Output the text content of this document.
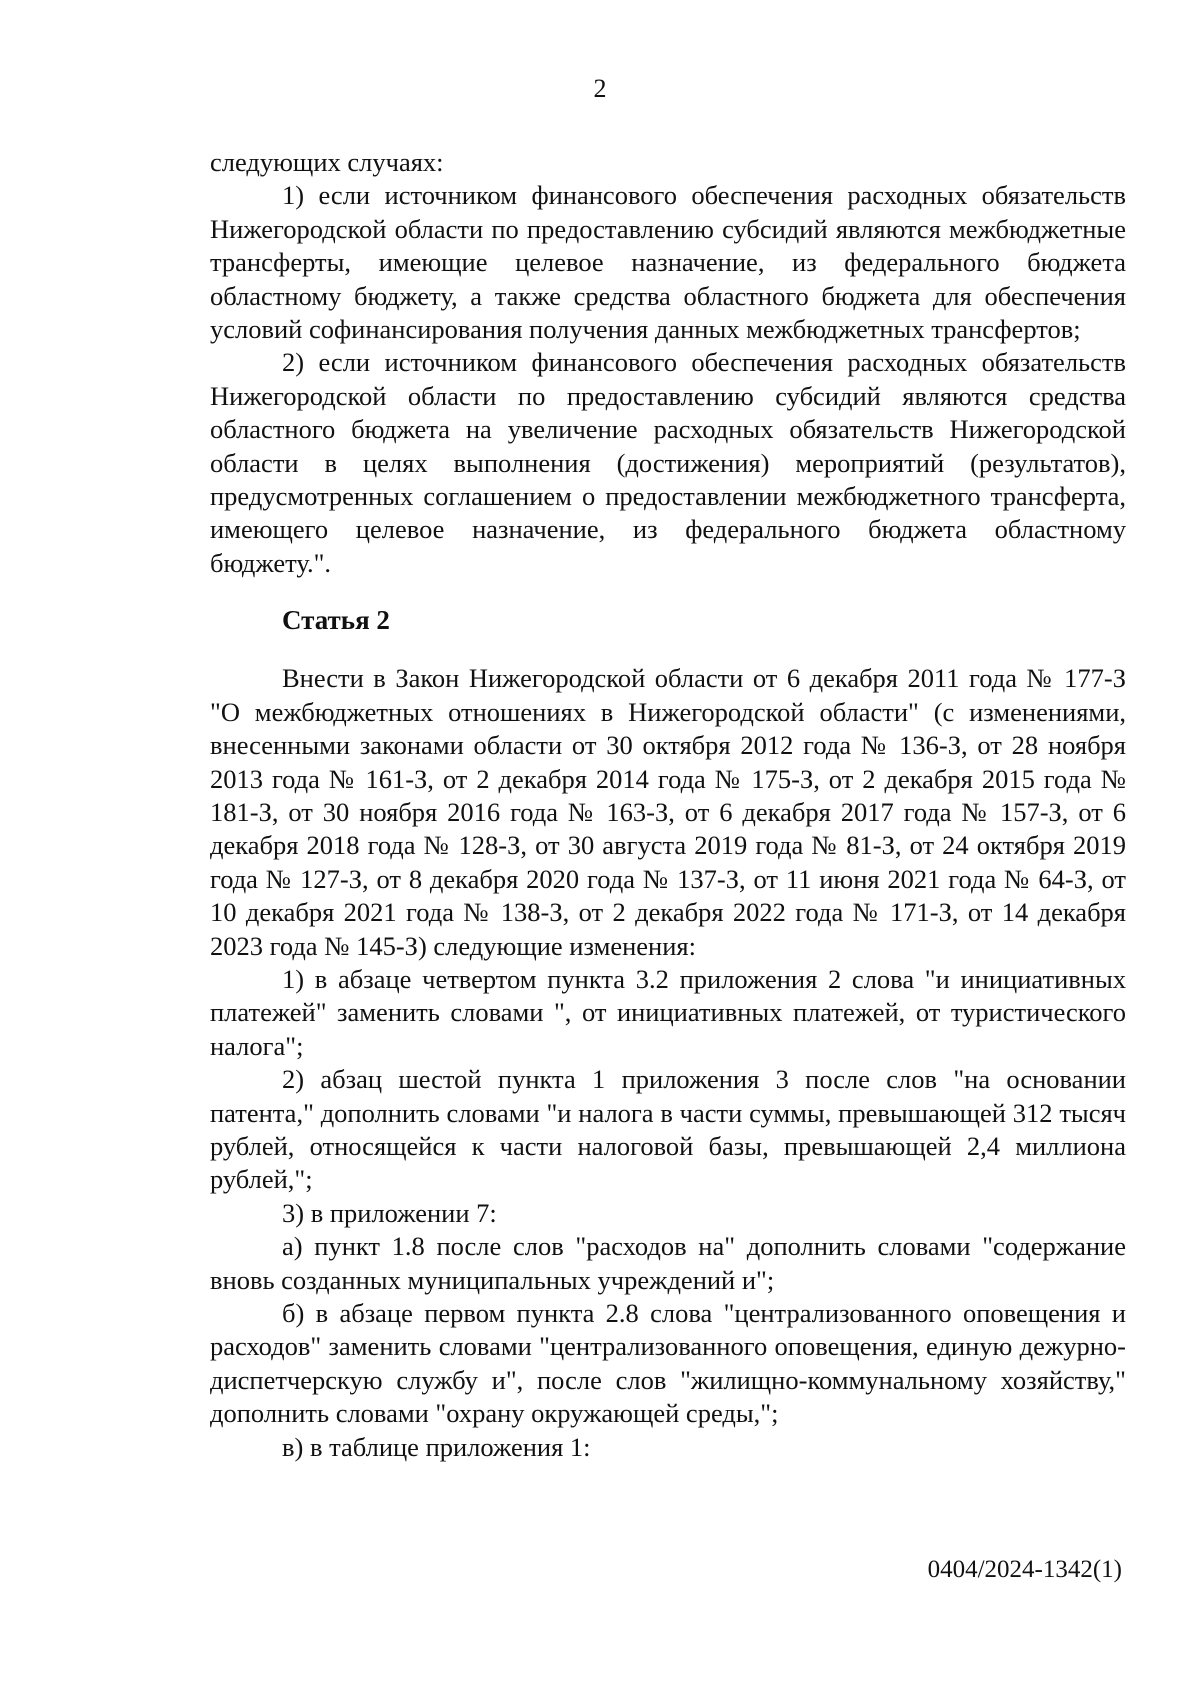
2

следующих случаях:

1) если источником финансового обеспечения расходных обязательств Нижегородской области по предоставлению субсидий являются межбюджетные трансферты, имеющие целевое назначение, из федерального бюджета областному бюджету, а также средства областного бюджета для обеспечения условий софинансирования получения данных межбюджетных трансфертов;

2) если источником финансового обеспечения расходных обязательств Нижегородской области по предоставлению субсидий являются средства областного бюджета на увеличение расходных обязательств Нижегородской области в целях выполнения (достижения) мероприятий (результатов), предусмотренных соглашением о предоставлении межбюджетного трансферта, имеющего целевое назначение, из федерального бюджета областному бюджету.".

Статья 2

Внести в Закон Нижегородской области от 6 декабря 2011 года № 177-З "О межбюджетных отношениях в Нижегородской области" (с изменениями, внесенными законами области от 30 октября 2012 года № 136-З, от 28 ноября 2013 года № 161-З, от 2 декабря 2014 года № 175-З, от 2 декабря 2015 года № 181-З, от 30 ноября 2016 года № 163-З, от 6 декабря 2017 года № 157-З, от 6 декабря 2018 года № 128-З, от 30 августа 2019 года № 81-З, от 24 октября 2019 года № 127-З, от 8 декабря 2020 года № 137-З, от 11 июня 2021 года № 64-З, от 10 декабря 2021 года № 138-З, от 2 декабря 2022 года № 171-З, от 14 декабря 2023 года № 145-З) следующие изменения:

1) в абзаце четвертом пункта 3.2 приложения 2 слова "и инициативных платежей" заменить словами ", от инициативных платежей, от туристического налога";

2) абзац шестой пункта 1 приложения 3 после слов "на основании патента," дополнить словами "и налога в части суммы, превышающей 312 тысяч рублей, относящейся к части налоговой базы, превышающей 2,4 миллиона рублей,";

3) в приложении 7:

а) пункт 1.8 после слов "расходов на" дополнить словами "содержание вновь созданных муниципальных учреждений и";

б) в абзаце первом пункта 2.8 слова "централизованного оповещения и расходов" заменить словами "централизованного оповещения, единую дежурно-диспетчерскую службу и", после слов "жилищно-коммунальному хозяйству," дополнить словами "охрану окружающей среды,";

в) в таблице приложения 1:

0404/2024-1342(1)
